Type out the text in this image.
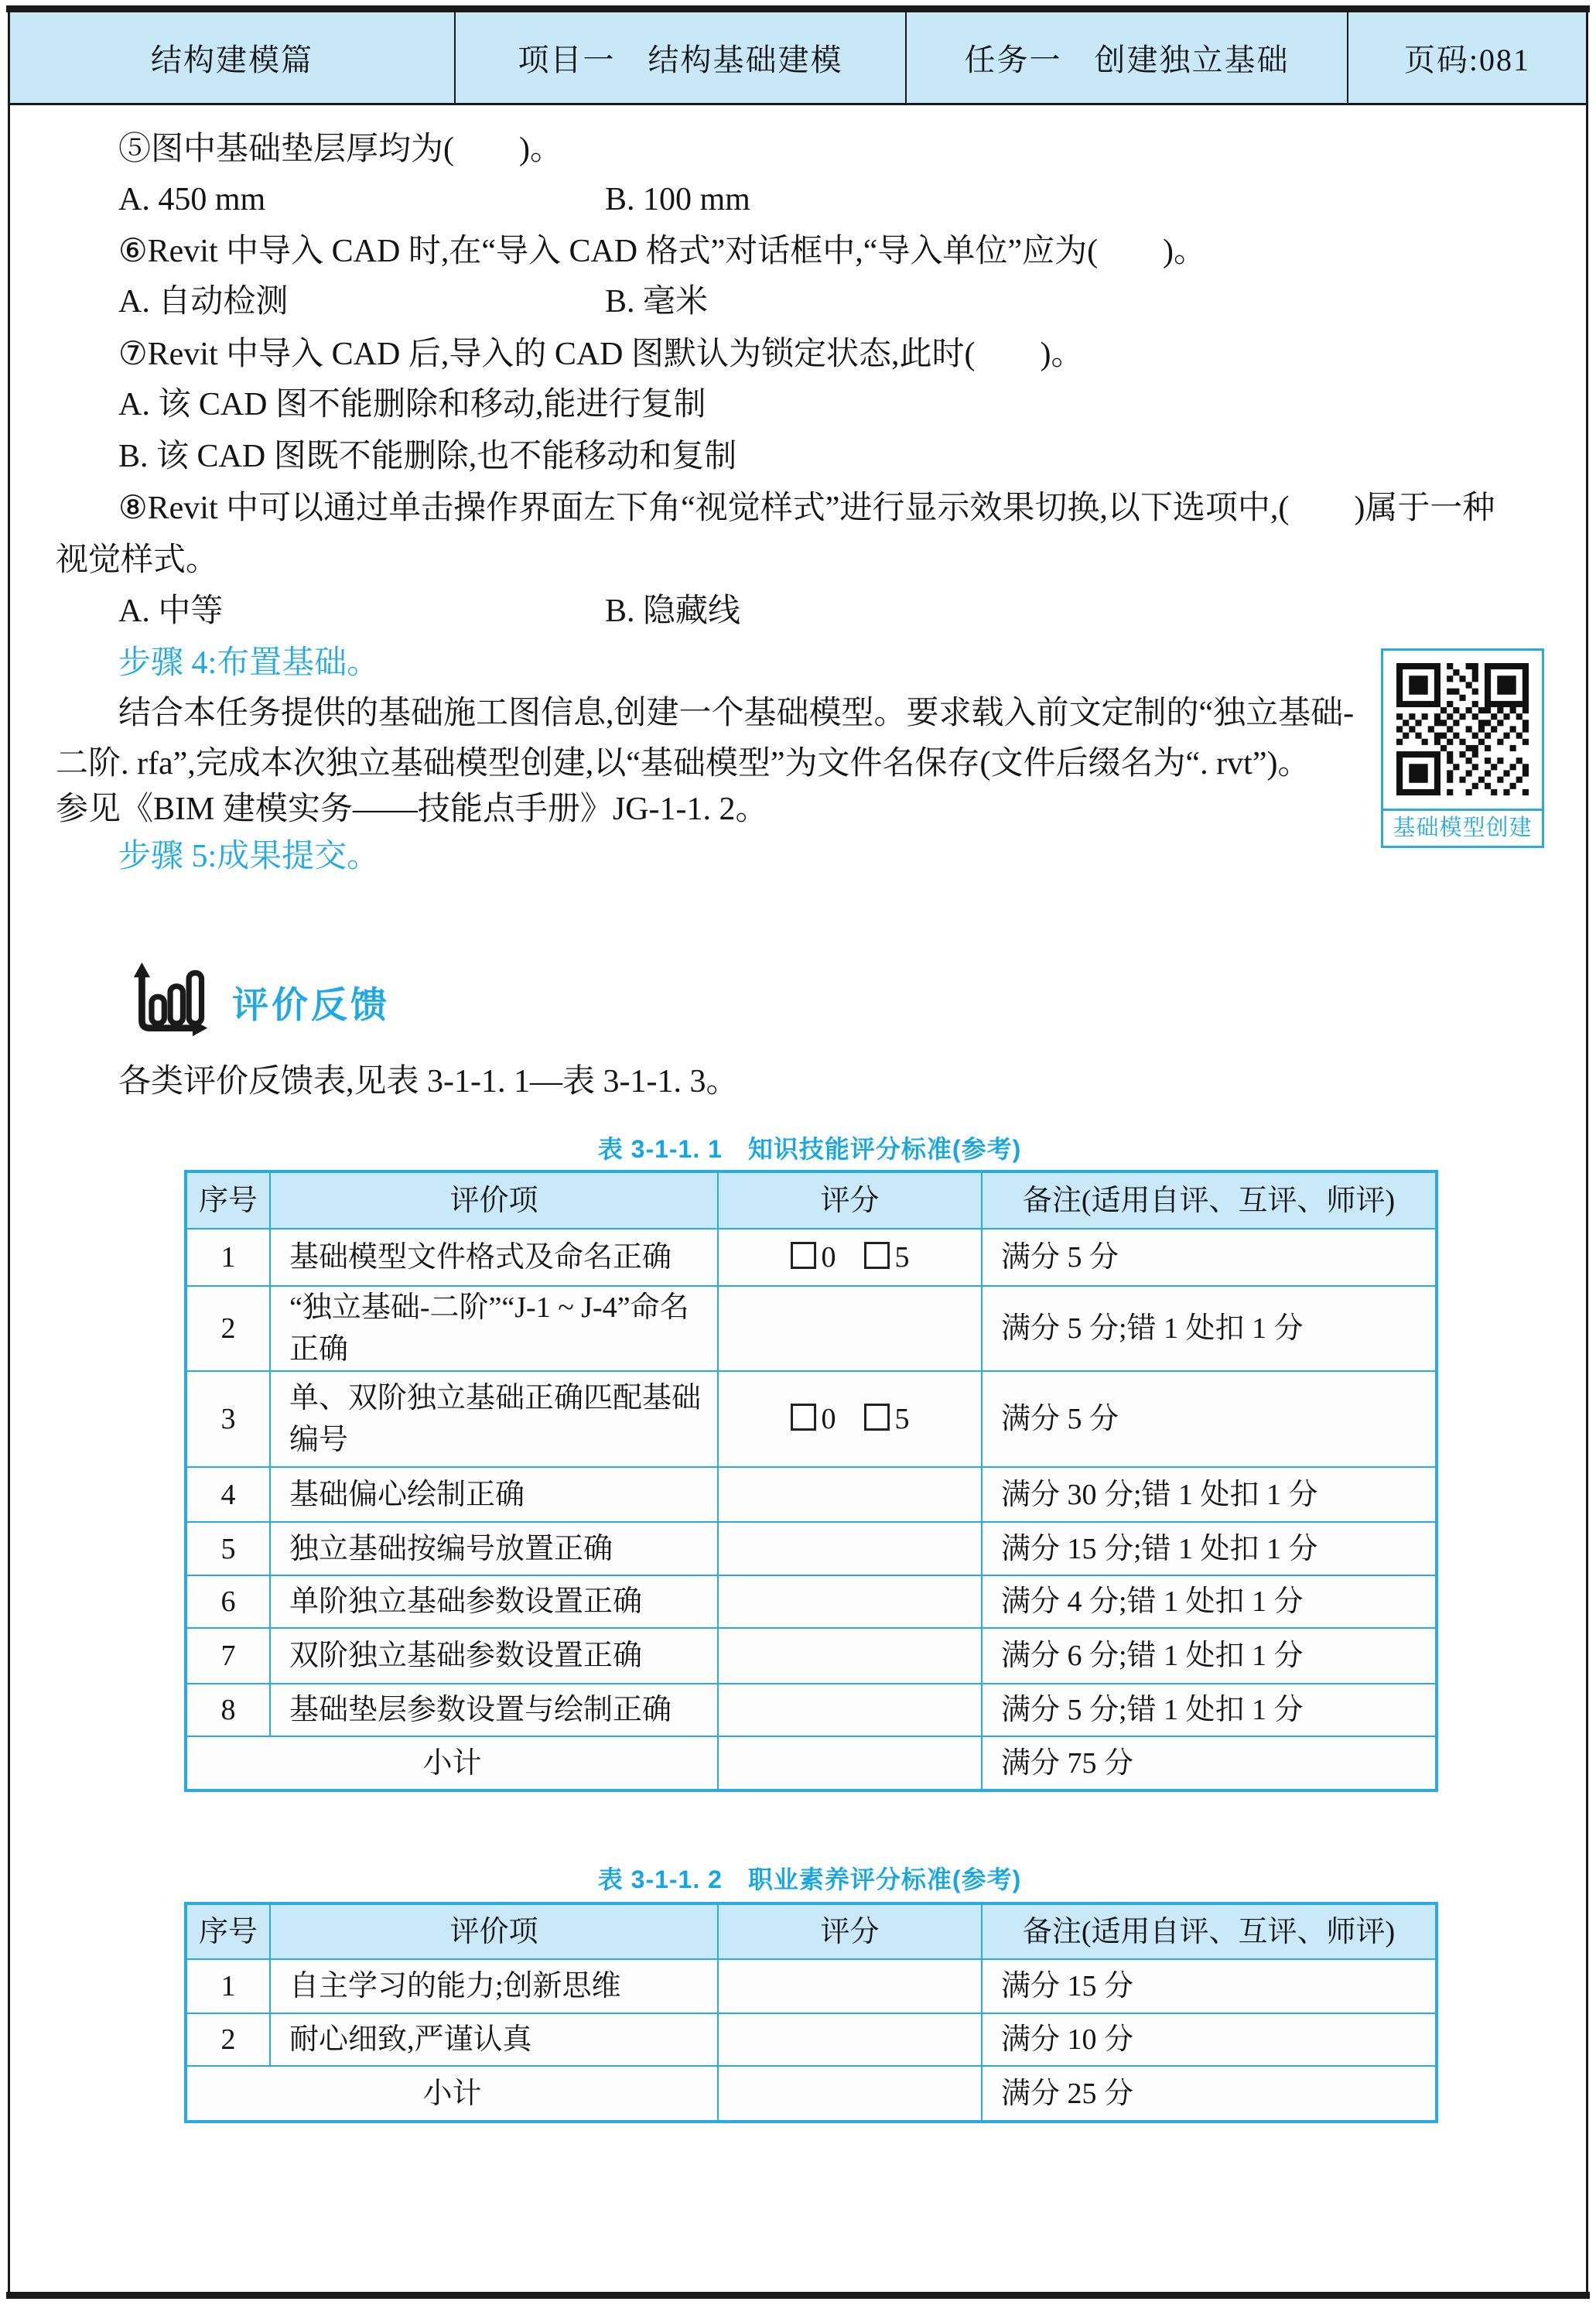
结构建模篇	项目一　结构基础建模	任务一　创建独立基础	页码:081
⑤图中基础垫层厚均为(　　)。
A. 450 mm	B. 100 mm
⑥Revit 中导入 CAD 时,在“导入 CAD 格式”对话框中,“导入单位”应为(　　)。
A. 自动检测	B. 毫米
⑦Revit 中导入 CAD 后,导入的 CAD 图默认为锁定状态,此时(　　)。
A. 该 CAD 图不能删除和移动,能进行复制
B. 该 CAD 图既不能删除,也不能移动和复制
⑧Revit 中可以通过单击操作界面左下角“视觉样式”进行显示效果切换,以下选项中,(　　)属于一种
视觉样式。
A. 中等	B. 隐藏线
步骤 4:布置基础。
结合本任务提供的基础施工图信息,创建一个基础模型。要求载入前文定制的“独立基础-
二阶. rfa”,完成本次独立基础模型创建,以“基础模型”为文件名保存(文件后缀名为“. rvt”)。
参见《BIM 建模实务——技能点手册》JG-1-1. 2。
步骤 5:成果提交。
基础模型创建
评价反馈
各类评价反馈表,见表 3-1-1. 1—表 3-1-1. 3。
表 3-1-1. 1　知识技能评分标准(参考)
序号	评价项	评分	备注(适用自评、互评、师评)
1	基础模型文件格式及命名正确	0 5	满分 5 分
2	“独立基础-二阶”“J-1 ~ J-4”命名正确		满分 5 分;错 1 处扣 1 分
3	单、双阶独立基础正确匹配基础编号	0 5	满分 5 分
4	基础偏心绘制正确		满分 30 分;错 1 处扣 1 分
5	独立基础按编号放置正确		满分 15 分;错 1 处扣 1 分
6	单阶独立基础参数设置正确		满分 4 分;错 1 处扣 1 分
7	双阶独立基础参数设置正确		满分 6 分;错 1 处扣 1 分
8	基础垫层参数设置与绘制正确		满分 5 分;错 1 处扣 1 分
小计			满分 75 分
表 3-1-1. 2　职业素养评分标准(参考)
序号	评价项	评分	备注(适用自评、互评、师评)
1	自主学习的能力;创新思维		满分 15 分
2	耐心细致,严谨认真		满分 10 分
小计			满分 25 分
